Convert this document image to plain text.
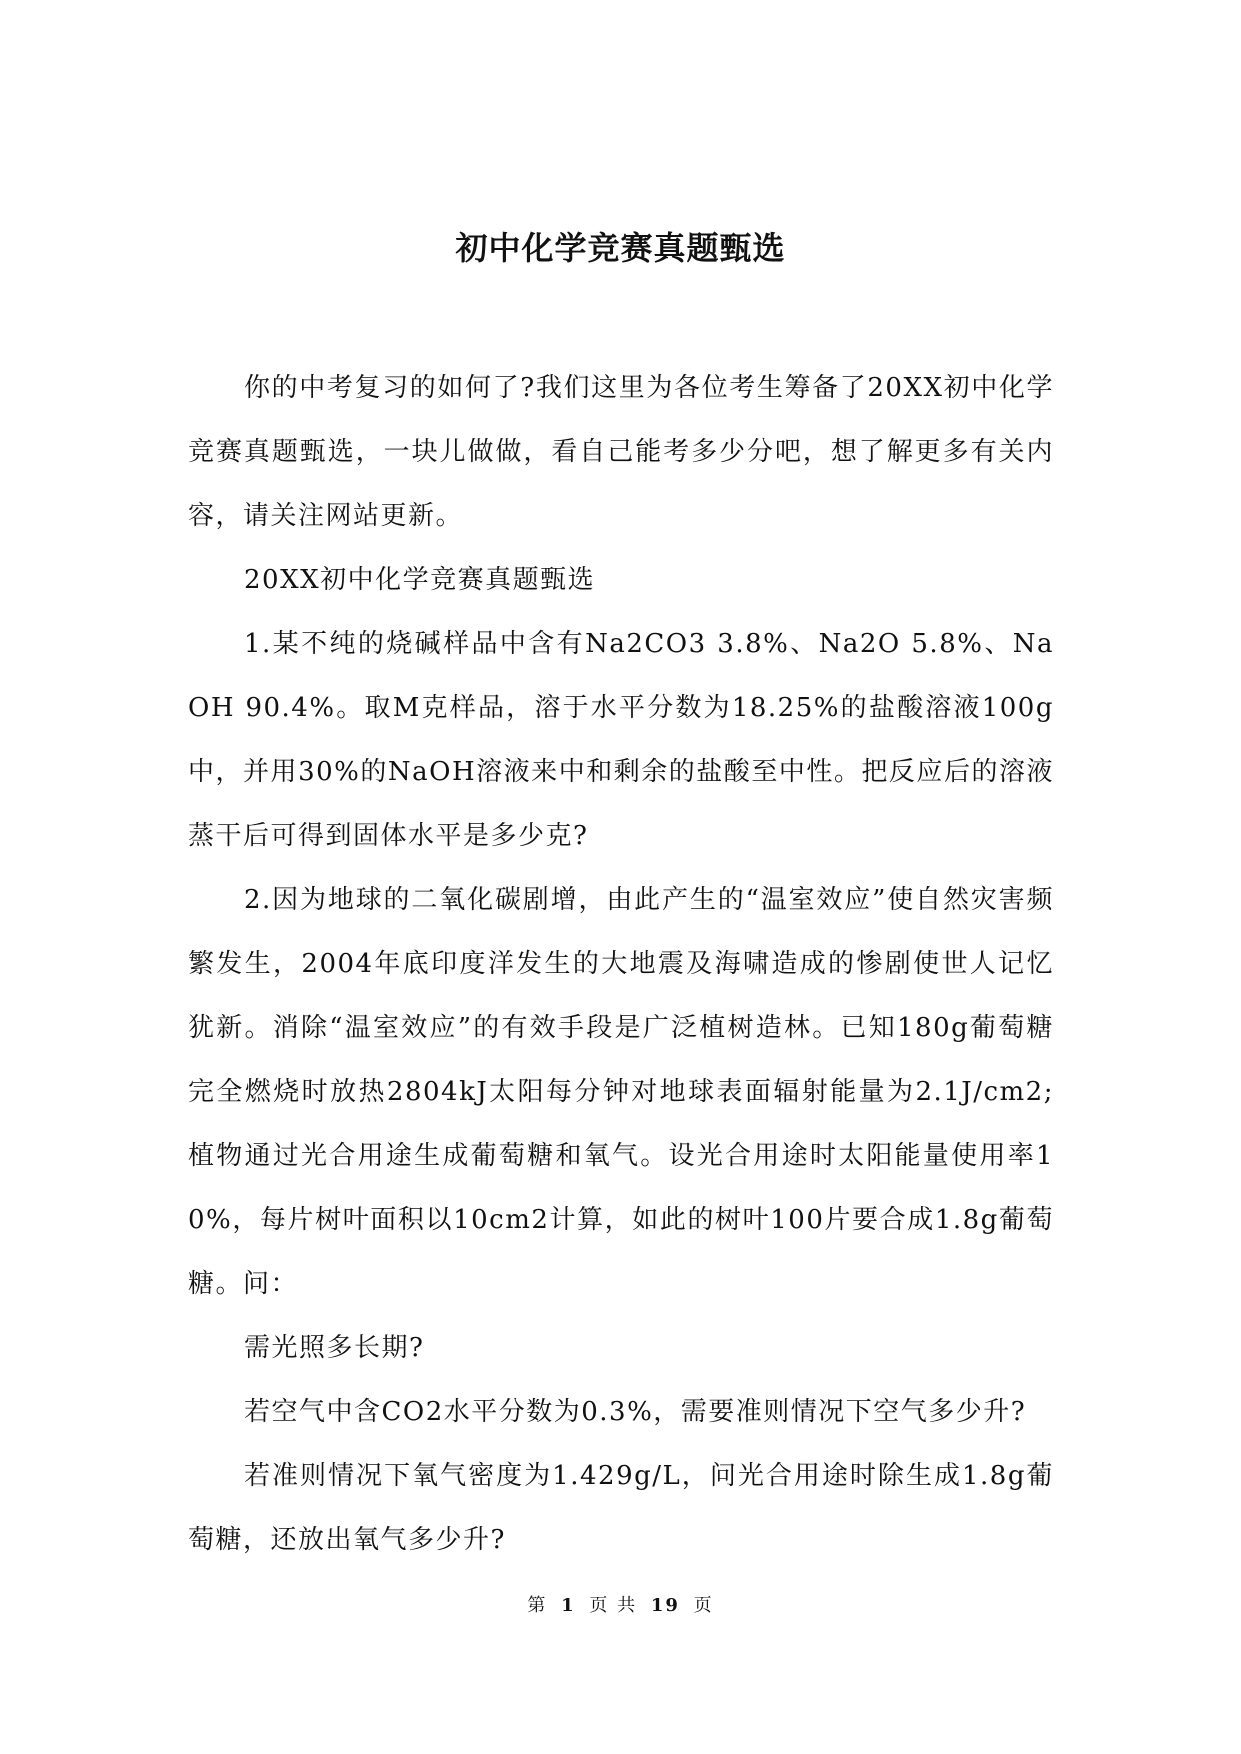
初中化学竞赛真题甄选

你的中考复习的如何了?我们这里为各位考生筹备了20XX初中化学竞赛真题甄选，一块儿做做，看自己能考多少分吧，想了解更多有关内容，请关注网站更新。

20XX初中化学竞赛真题甄选

1.某不纯的烧碱样品中含有Na2CO3 3.8%、Na2O 5.8%、NaOH 90.4%。取M克样品，溶于水平分数为18.25%的盐酸溶液100g中，并用30%的NaOH溶液来中和剩余的盐酸至中性。把反应后的溶液蒸干后可得到固体水平是多少克?

2.因为地球的二氧化碳剧增，由此产生的“温室效应”使自然灾害频繁发生，2004年底印度洋发生的大地震及海啸造成的惨剧使世人记忆犹新。消除“温室效应”的有效手段是广泛植树造林。已知180g葡萄糖完全燃烧时放热2804kJ太阳每分钟对地球表面辐射能量为2.1J/cm2;植物通过光合用途生成葡萄糖和氧气。设光合用途时太阳能量使用率10%，每片树叶面积以10cm2计算，如此的树叶100片要合成1.8g葡萄糖。问：

需光照多长期?

若空气中含CO2水平分数为0.3%，需要准则情况下空气多少升?

若准则情况下氧气密度为1.429g/L，问光合用途时除生成1.8g葡萄糖，还放出氧气多少升?

第 1 页 共 19 页
